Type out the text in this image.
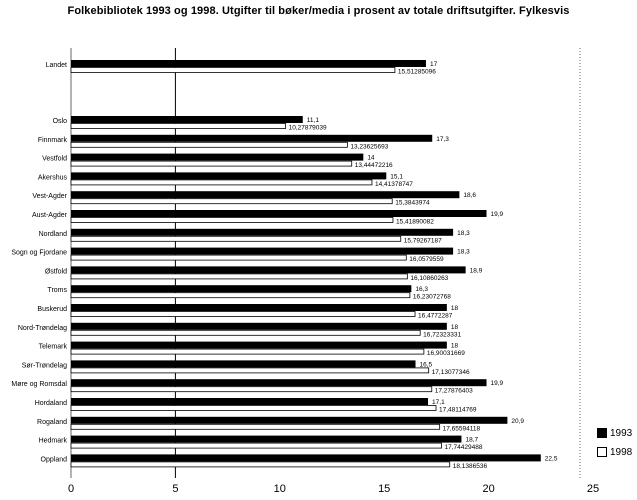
Folkebibliotek 1993 og 1998. Utgifter til bøker/media i prosent av totale driftsutgifter. Fylkesvis
Landet	17
15,51285096
Oslo	11,1
10,27879039
Finnmark	17,3
13,23625693
Vestfold	14
13,44472216
Akershus	15,1
14,41378747
Vest-Agder	18,6
15,3843974
Aust-Agder	19,9
15,41890082
Nordland	18,3
15,79267187
Sogn og Fjordane	18,3
16,0579559
Østfold	18,9
16,10860263
Troms	16,3
16,23072768
Buskerud	18
16,4772287
Nord-Trøndelag	18
16,72323331
Telemark	18
16,90031669
Sør-Trøndelag	16,5
17,13077346
Møre og Romsdal	19,9
17,27876403
Hordaland	17,1
17,48114769
Rogaland	20,9
17,65594118
Hedmark	18,7
17,74429488
Oppland	22,5
18,1386536
0	5	10	15	20	25
1993
1998
